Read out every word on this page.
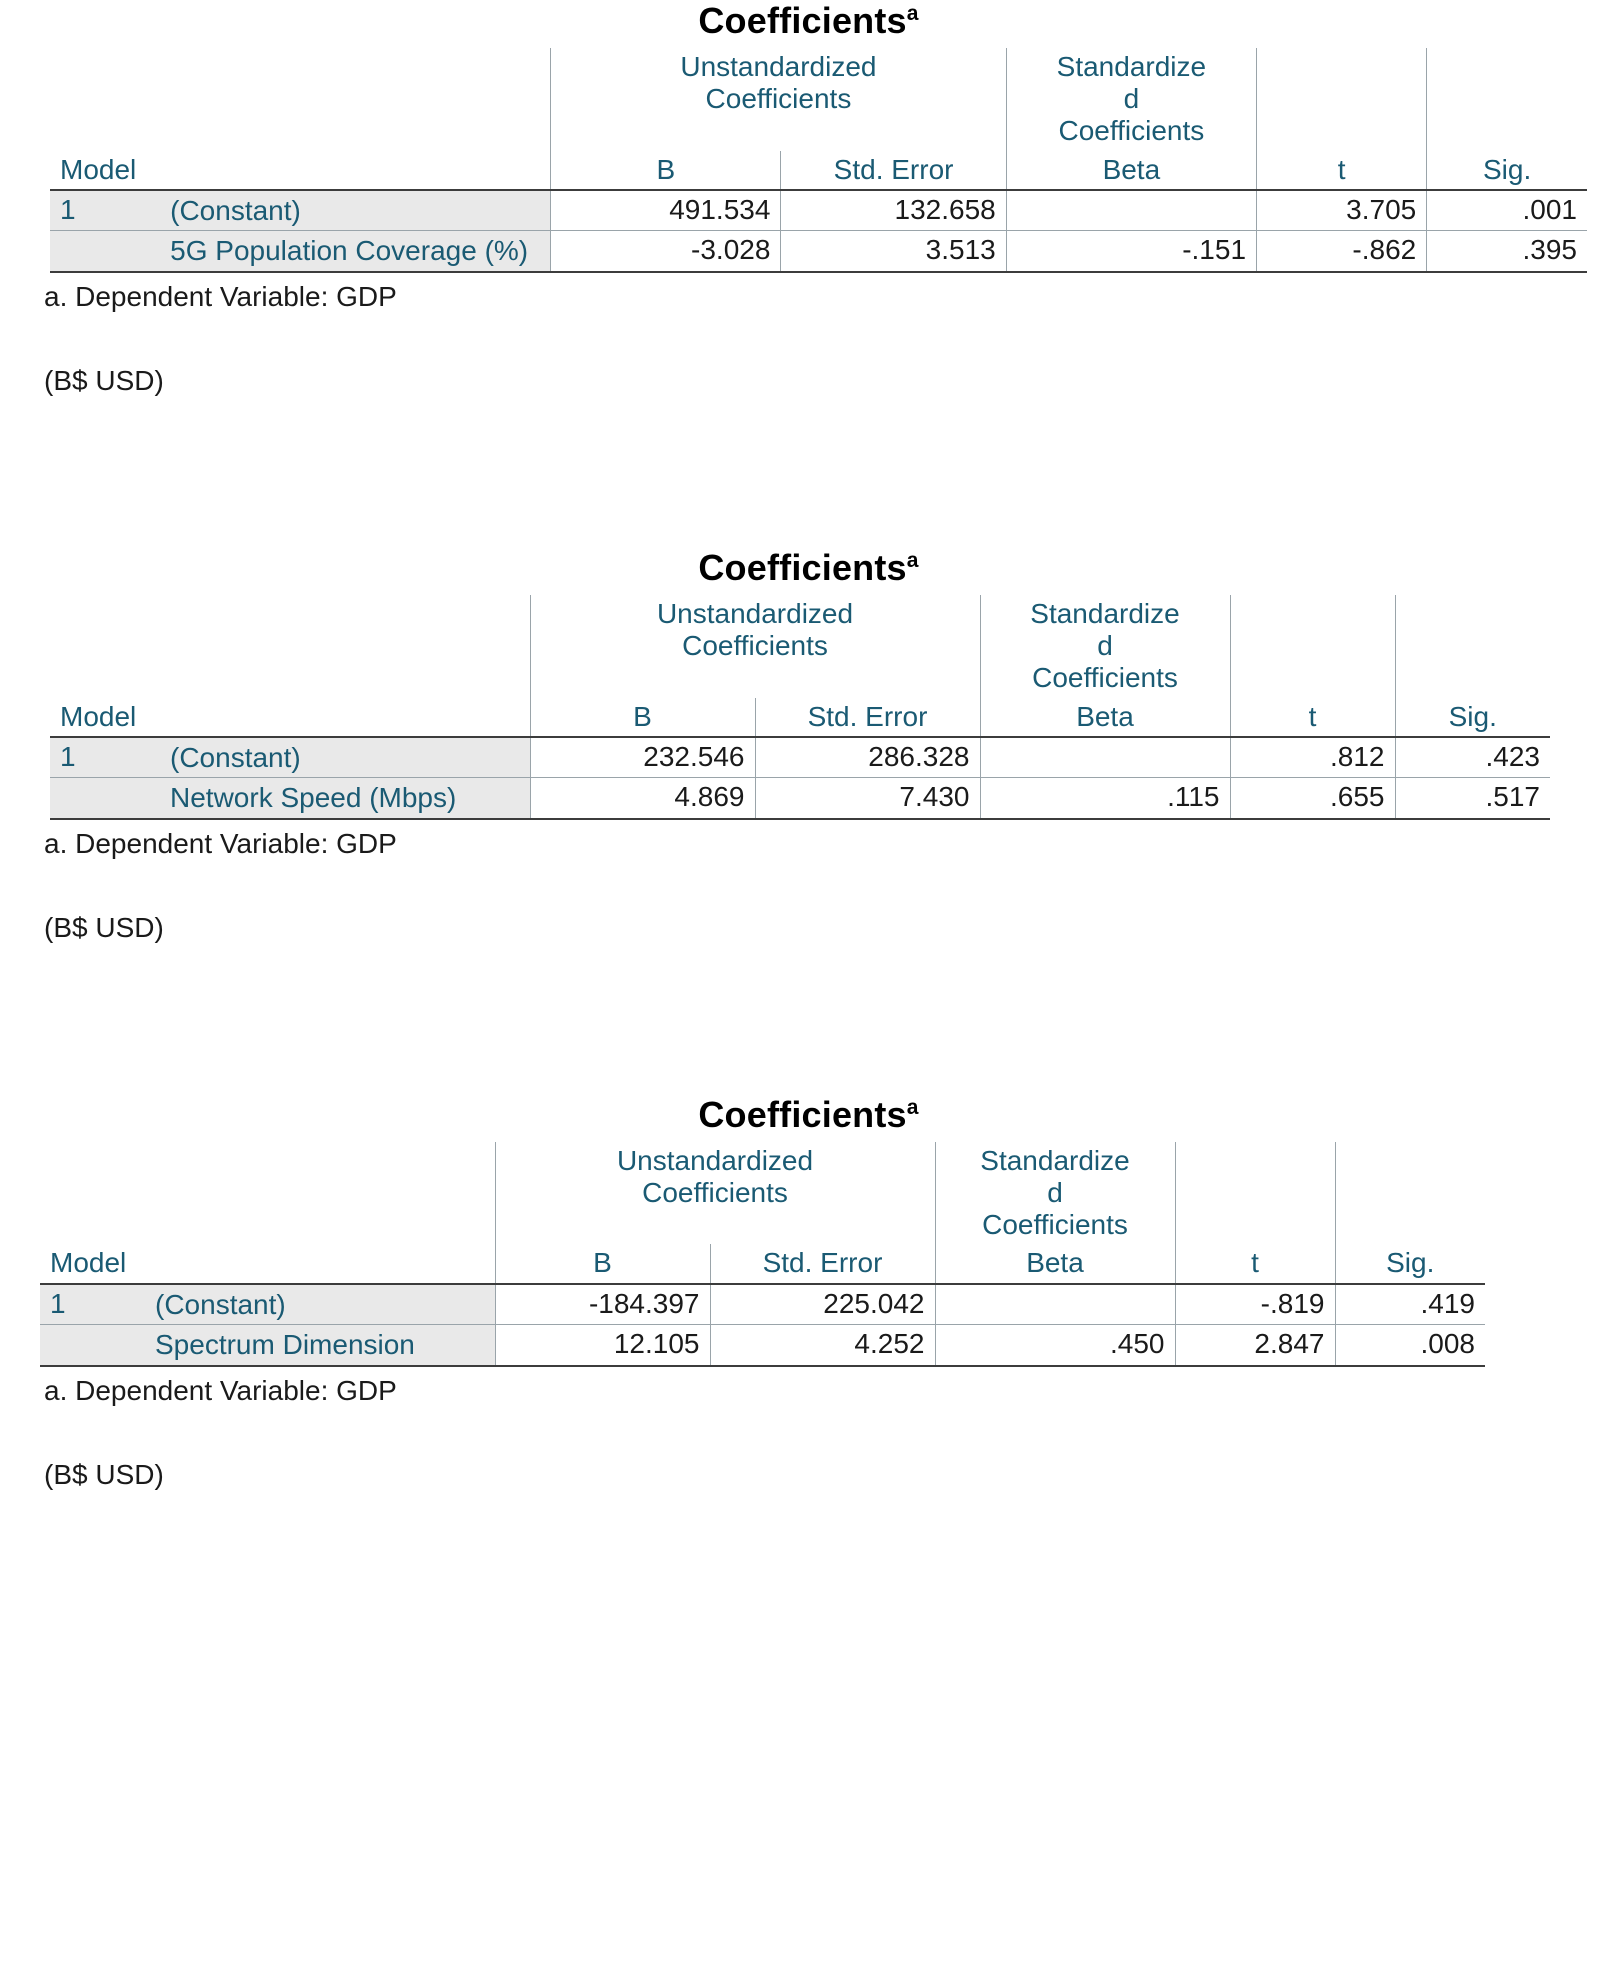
Coefficients$^a$

Unstandardized
Coefficients

Standardize
d
Coefficients

Model		B	Std. Error	Beta	t	Sig.
1	(Constant)	491.534	132.658		3.705	.001
	5G Population Coverage (%)	-3.028	3.513	-.151	-.862	.395
a. Dependent Variable: GDP
(B$ USD)
Coefficients$^a$

Unstandardized
Coefficients

Standardize
d
Coefficients

Model		B	Std. Error	Beta	t	Sig.
1	(Constant)	232.546	286.328		.812	.423
	Network Speed (Mbps)	4.869	7.430	.115	.655	.517
a. Dependent Variable: GDP
(B$ USD)
Coefficients$^a$

Unstandardized
Coefficients

Standardize
d
Coefficients

Model		B	Std. Error	Beta	t	Sig.
1	(Constant)	-184.397	225.042		-.819	.419
	Spectrum Dimension	12.105	4.252	.450	2.847	.008
a. Dependent Variable: GDP
(B$ USD)
